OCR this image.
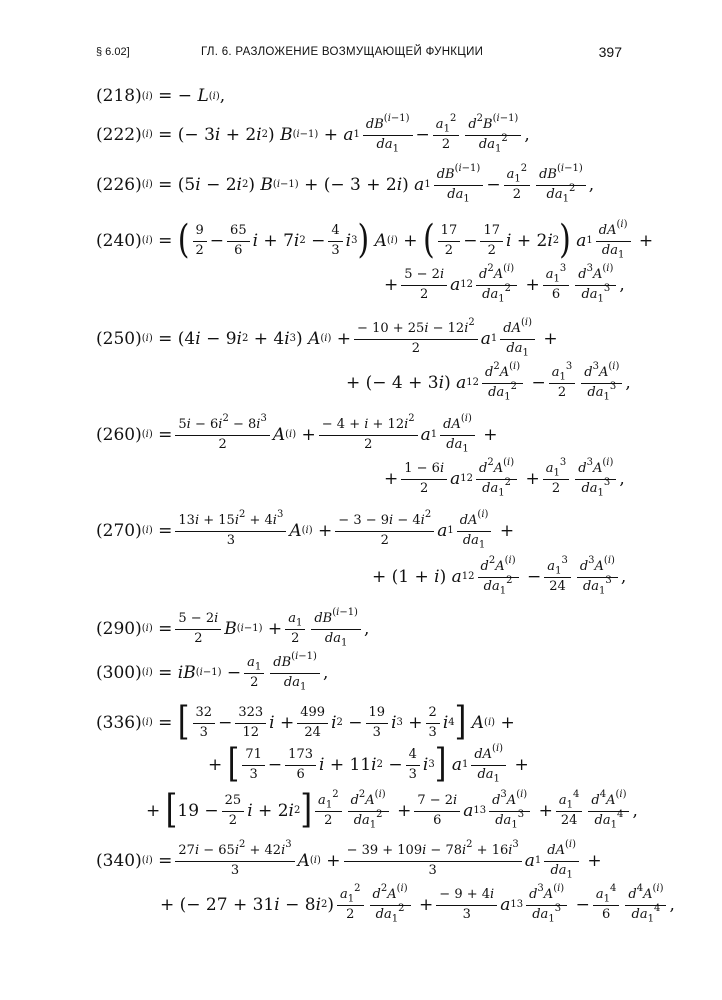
§ 6.02]	ГЛ. 6. РАЗЛОЖЕНИЕ ВОЗМУЩАЮЩЕЙ ФУНКЦИИ	397
(218) (i) = − L (i) ,
(222) (i) = (− 3 i + 2 i 2 ) B (i−1) + a $1 \frac{dB^{(i-1)}}{da_1} - \frac{a_1^2}{2} \frac{d^2B^{(i-1)}}{da_1^2}$ ,
(226) (i) = (5 i − 2 i 2 ) B (i−1) + (− 3 + 2 i ) a $1 \frac{dB^{(i-1)}}{da_1} - \frac{a_1^2}{2} \frac{dB^{(i-1)}}{da_1^2}$ ,
(240) (i) = ( $\frac{9}{2} - \frac{65}{6}$ i + 7 i $2 - \frac{4}{3}$ i 3 )
A (i) + ( $\frac{17}{2} - \frac{17}{2}$ i + 2 i 2 )
a $1 \frac{dA^{(i)}}{da_1}$ +
+ $\frac{5 - 2i}{2}$ a 1 $2 \frac{d^2A^{(i)}}{da_1^2} + \frac{a_1^3}{6} \frac{d^3A^{(i)}}{da_1^3}$ ,
(250) (i) = (4 i − 9 i 2 + 4 i 3 ) A $(i) + \frac{- 10 + 25i - 12i^2}{2}$ a $1 \frac{dA^{(i)}}{da_1}$ +
+ (− 4 + 3 i ) a 1 $2 \frac{d^2A^{(i)}}{da_1^2} - \frac{a_1^3}{2} \frac{d^3A^{(i)}}{da_1^3}$ ,
(260) $(i) = \frac{5i - 6i^2 - 8i^3}{2}$ A $(i) + \frac{- 4 + i + 12i^2}{2}$ a $1 \frac{dA^{(i)}}{da_1}$ +
+ $\frac{1 - 6i}{2}$ a 1 $2 \frac{d^2A^{(i)}}{da_1^2} + \frac{a_1^3}{2} \frac{d^3A^{(i)}}{da_1^3}$ ,
(270) $(i) = \frac{13i + 15i^2 + 4i^3}{3}$ A $(i) + \frac{- 3 - 9i - 4i^2}{2}$ a $1 \frac{dA^{(i)}}{da_1}$ +
+ (1 + i ) a 1 $2 \frac{d^2A^{(i)}}{da_1^2} - \frac{a_1^3}{24} \frac{d^3A^{(i)}}{da_1^3}$ ,
(290) $(i) = \frac{5 - 2i}{2}$ B $(i-1) + \frac{a_1}{2} \frac{dB^{(i-1)}}{da_1}$ ,
(300) (i) = iB $(i-1) - \frac{a_1}{2} \frac{dB^{(i-1)}}{da_1}$ ,
(336) (i) = [ $\frac{32}{3} - \frac{323}{12}$ $i + \frac{499}{24}$ i $2 - \frac{19}{3}$ i $3 + \frac{2}{3}$ i 4 ]
A (i) +
+ [ $\frac{71}{3} - \frac{173}{6}$ i + 11 i $2 - \frac{4}{3}$ i 3 ]
a $1 \frac{dA^{(i)}}{da_1}$ +
+ [ $19 - \frac{25}{2}$ i + 2 i 2 ] $\frac{a_1^2}{2} \frac{d^2A^{(i)}}{da_1^2} + \frac{7 - 2i}{6}$ a 1 $3 \frac{d^3A^{(i)}}{da_1^3} + \frac{a_1^4}{24} \frac{d^4A^{(i)}}{da_1^4}$ ,
(340) $(i) = \frac{27i - 65i^2 + 42i^3}{3}$ A $(i) + \frac{- 39 + 109i - 78i^2 + 16i^3}{3}$ a $1 \frac{dA^{(i)}}{da_1}$ +
+ (− 27 + 31 i − 8 i 2 ) $\frac{a_1^2}{2} \frac{d^2A^{(i)}}{da_1^2} + \frac{- 9 + 4i}{3}$ a 1 $3 \frac{d^3A^{(i)}}{da_1^3} - \frac{a_1^4}{6} \frac{d^4A^{(i)}}{da_1^4}$ ,
